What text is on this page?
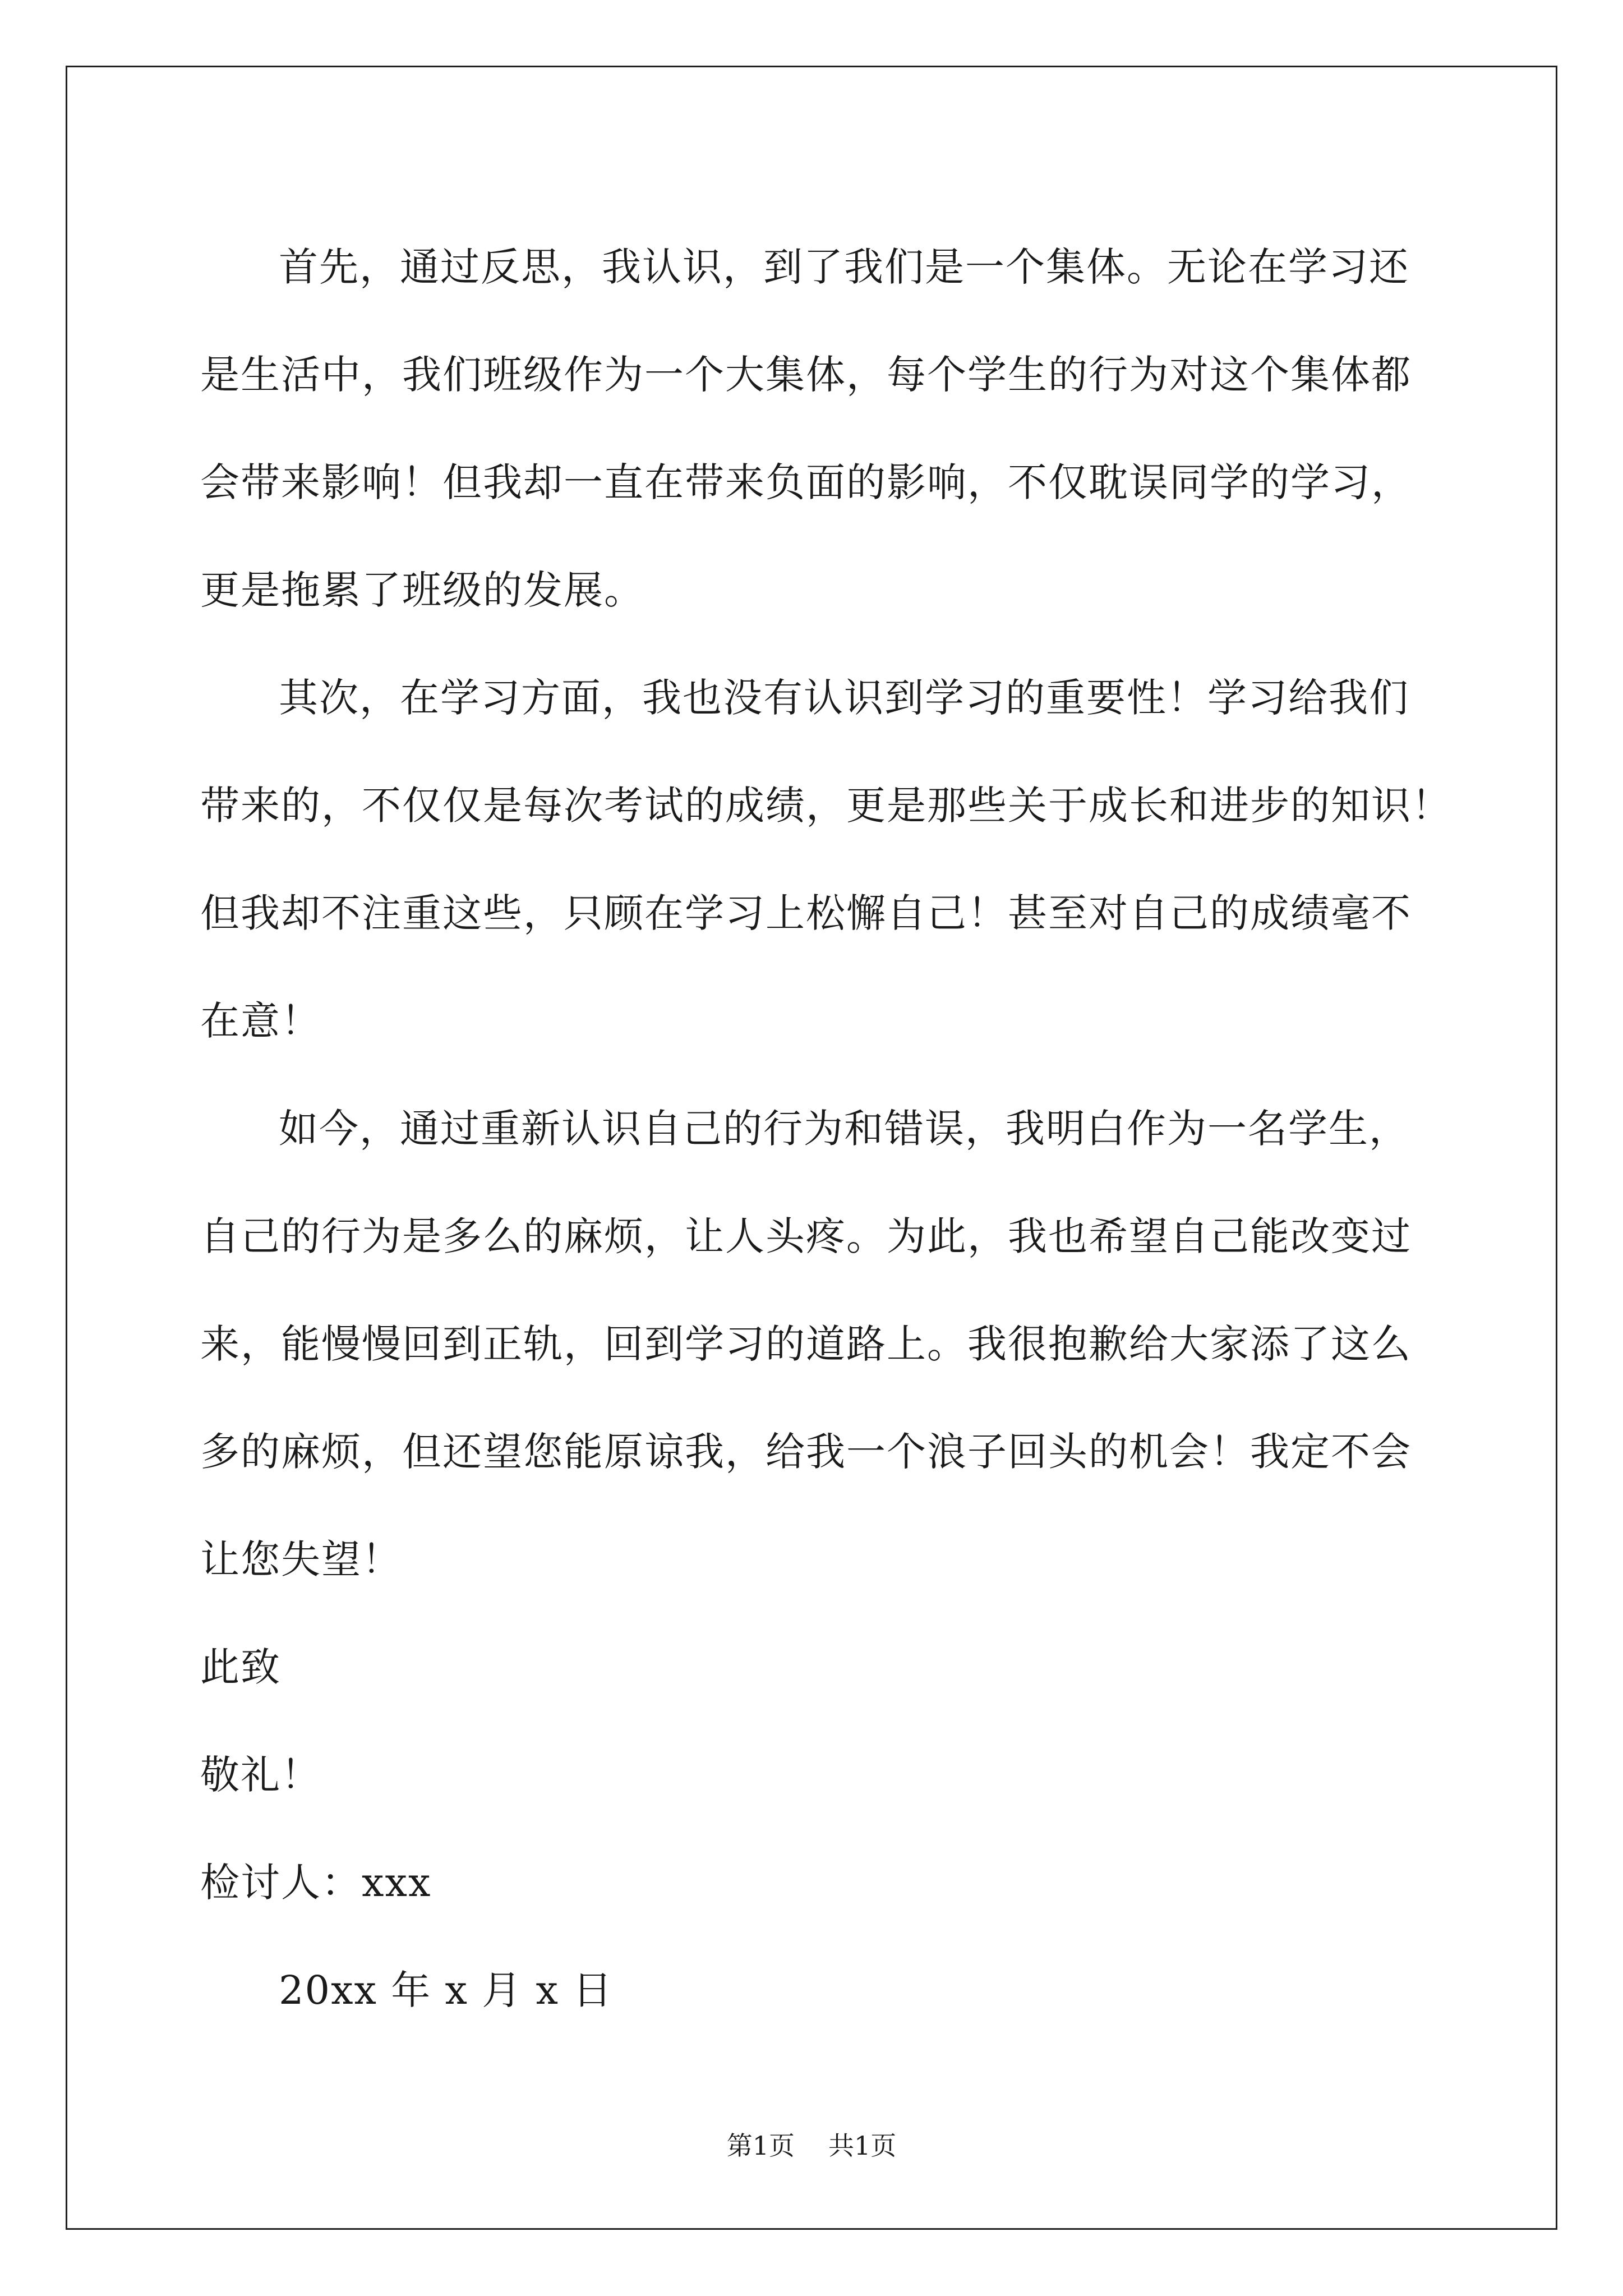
首先，通过反思，我认识，到了我们是一个集体。无论在学习还
是生活中，我们班级作为一个大集体，每个学生的行为对这个集体都
会带来影响！但我却一直在带来负面的影响，不仅耽误同学的学习，
更是拖累了班级的发展。
其次，在学习方面，我也没有认识到学习的重要性！学习给我们
带来的，不仅仅是每次考试的成绩，更是那些关于成长和进步的知识！
但我却不注重这些，只顾在学习上松懈自己！甚至对自己的成绩毫不
在意！
如今，通过重新认识自己的行为和错误，我明白作为一名学生，
自己的行为是多么的麻烦，让人头疼。为此，我也希望自己能改变过
来，能慢慢回到正轨，回到学习的道路上。我很抱歉给大家添了这么
多的麻烦，但还望您能原谅我，给我一个浪子回头的机会！我定不会
让您失望！
此致
敬礼！
检讨人：xxx
20xx 年 x 月 x 日
第1页 共1页
